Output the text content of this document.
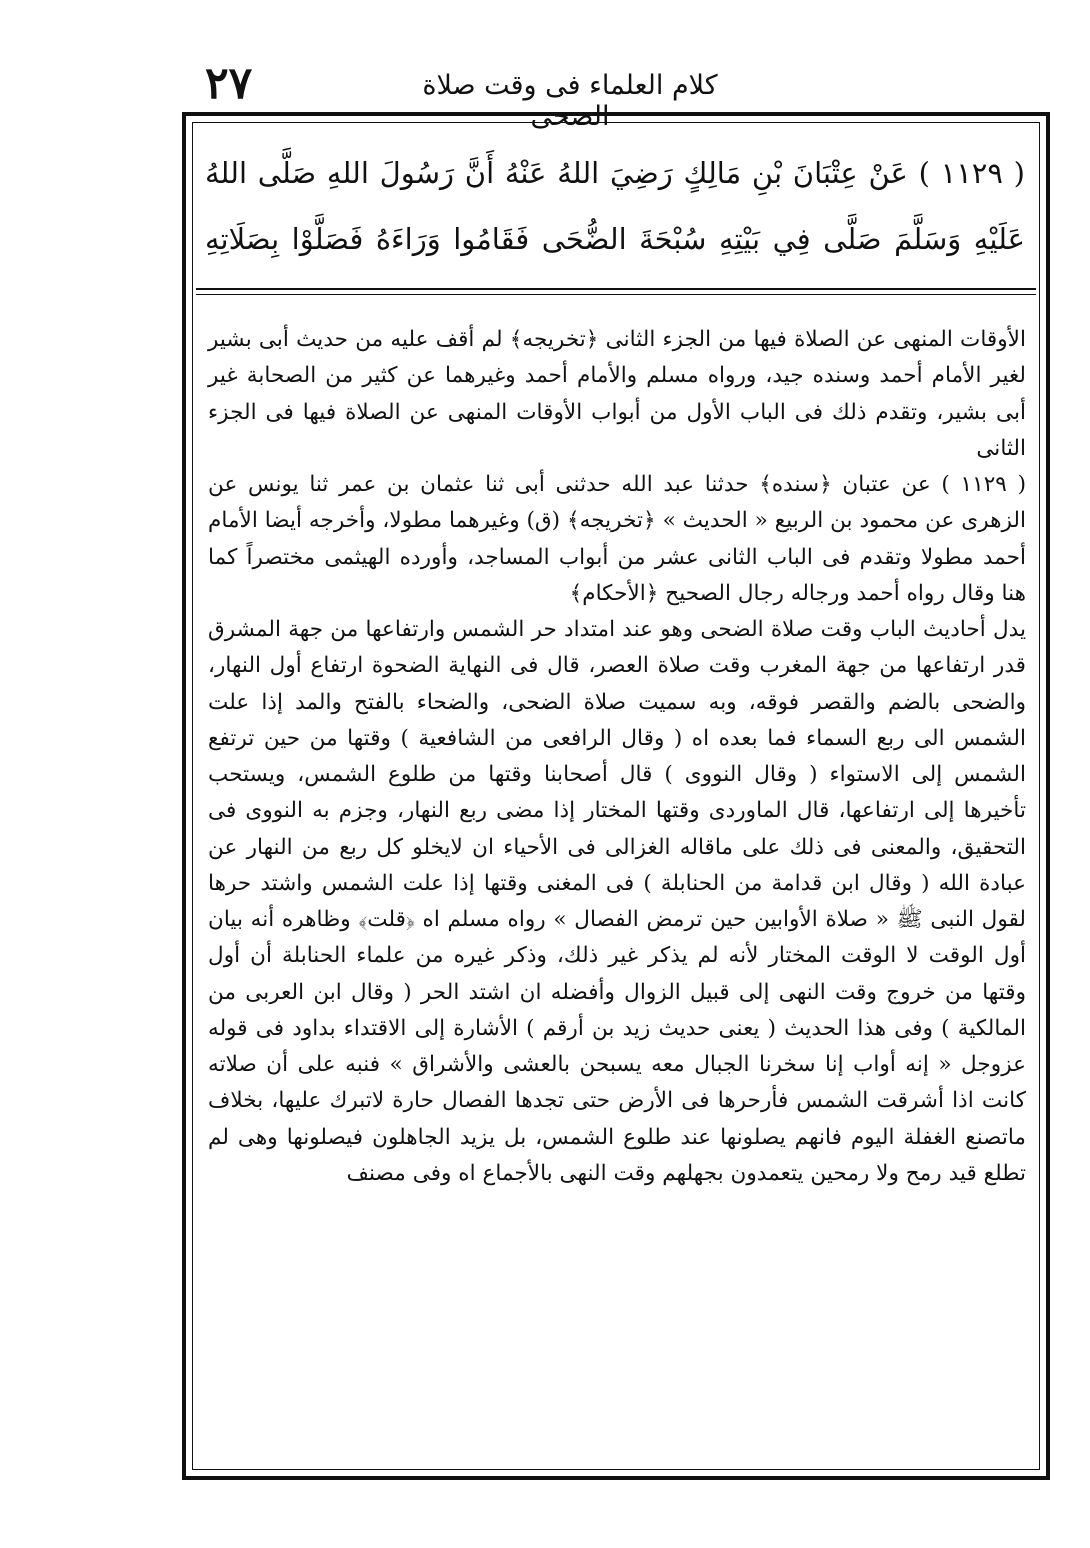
٢٧	كلام العلماء فى وقت صلاة الضحى
( ١١٢٩ ) عَنْ عِتْبَانَ بْنِ مَالِكٍ رَضِيَ اللهُ عَنْهُ أَنَّ رَسُولَ اللهِ صَلَّى اللهُ
عَلَيْهِ وَسَلَّمَ صَلَّى فِي بَيْتِهِ سُبْحَةَ الضُّحَى فَقَامُوا وَرَاءَهُ فَصَلَّوْا بِصَلَاتِهِ

الأوقات المنهى عن الصلاة فيها من الجزء الثانى ﴿تخريجه﴾ لم أقف عليه من حديث أبى بشير لغير الأمام أحمد وسنده جيد، ورواه مسلم والأمام أحمد وغيرهما عن كثير من الصحابة غير أبى بشير، وتقدم ذلك فى الباب الأول من أبواب الأوقات المنهى عن الصلاة فيها فى الجزء الثانى

( ١١٢٩ ) عن عتبان ﴿سنده﴾ حدثنا عبد الله حدثنى أبى ثنا عثمان بن عمر ثنا يونس عن الزهرى عن محمود بن الربيع « الحديث » ﴿تخريجه﴾ (ق) وغيرهما مطولا، وأخرجه أيضا الأمام أحمد مطولا وتقدم فى الباب الثانى عشر من أبواب المساجد، وأورده الهيثمى مختصراً كما هنا وقال رواه أحمد ورجاله رجال الصحيح ﴿الأحكام﴾

يدل أحاديث الباب وقت صلاة الضحى وهو عند امتداد حر الشمس وارتفاعها من جهة المشرق قدر ارتفاعها من جهة المغرب وقت صلاة العصر، قال فى النهاية الضحوة ارتفاع أول النهار، والضحى بالضم والقصر فوقه، وبه سميت صلاة الضحى، والضحاء بالفتح والمد إذا علت الشمس الى ربع السماء فما بعده اه ( وقال الرافعى من الشافعية ) وقتها من حين ترتفع الشمس إلى الاستواء ( وقال النووى ) قال أصحابنا وقتها من طلوع الشمس، ويستحب تأخيرها إلى ارتفاعها، قال الماوردى وقتها المختار إذا مضى ربع النهار، وجزم به النووى فى التحقيق، والمعنى فى ذلك على ماقاله الغزالى فى الأحياء ان لايخلو كل ربع من النهار عن عبادة الله ( وقال ابن قدامة من الحنابلة ) فى المغنى وقتها إذا علت الشمس واشتد حرها لقول النبى ﷺ « صلاة الأوابين حين ترمض الفصال » رواه مسلم اه ﴿قلت﴾ وظاهره أنه بيان أول الوقت لا الوقت المختار لأنه لم يذكر غير ذلك، وذكر غيره من علماء الحنابلة أن أول وقتها من خروج وقت النهى إلى قبيل الزوال وأفضله ان اشتد الحر ( وقال ابن العربى من المالكية ) وفى هذا الحديث ( يعنى حديث زيد بن أرقم ) الأشارة إلى الاقتداء بداود فى قوله عزوجل « إنه أواب إنا سخرنا الجبال معه يسبحن بالعشى والأشراق » فنبه على أن صلاته كانت اذا أشرقت الشمس فأرحرها فى الأرض حتى تجدها الفصال حارة لاتبرك عليها، بخلاف ماتصنع الغفلة اليوم فانهم يصلونها عند طلوع الشمس، بل يزيد الجاهلون فيصلونها وهى لم تطلع قيد رمح ولا رمحين يتعمدون بجهلهم وقت النهى بالأجماع اه وفى مصنف
